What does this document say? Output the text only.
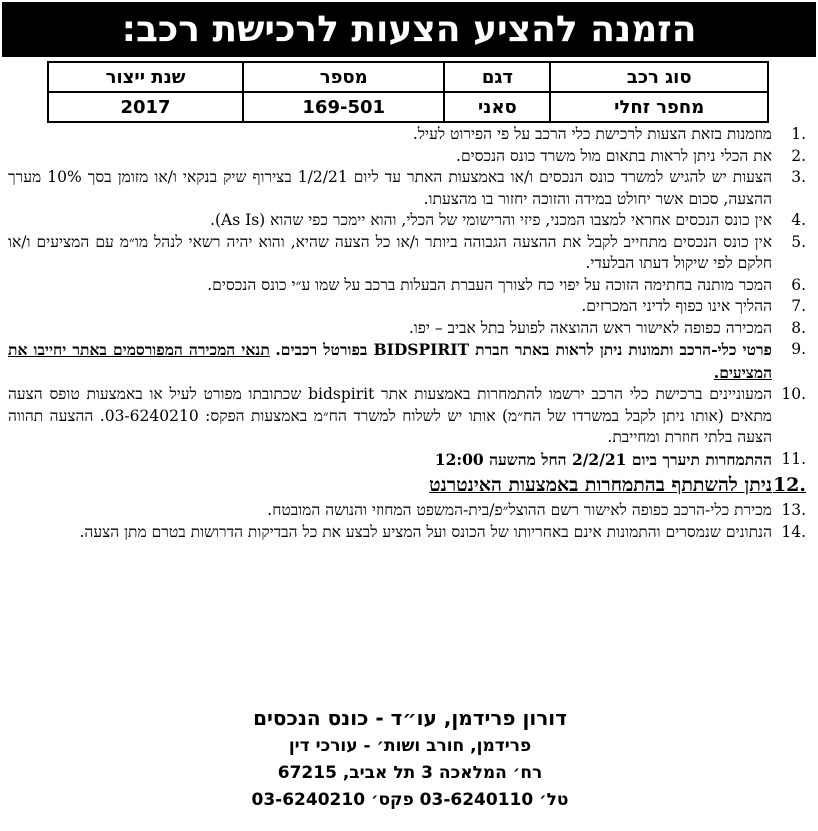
הזמנה להציע הצעות לרכישת רכב:
סוג רכב	דגם	מספר	שנת ייצור
מחפר זחלי	סאני	169-501	2017
1.
מוזמנות בזאת הצעות לרכישת כלי הרכב על פי הפירוט לעיל.
2.
את הכלי ניתן לראות בתאום מול משרד כונס הנכסים.
3.
הצעות יש להגיש למשרד כונס הנכסים ו/או באמצעות האתר עד ליום 1/2/21 בצירוף שיק בנקאי ו/או מזומן בסך 10% מערך ההצעה, סכום אשר יחולט במידה והזוכה יחזור בו מהצעתו.
4.
אין כונס הנכסים אחראי למצבו המכני, פיזי והרישומי של הכלי, והוא יימכר כפי שהוא (As Is).
5.
אין כונס הנכסים מתחייב לקבל את ההצעה הגבוהה ביותר ו/או כל הצעה שהיא, והוא יהיה רשאי לנהל מו״מ עם המציעים ו/או חלקם לפי שיקול דעתו הבלעדי.
6.
המכר מותנה בחתימה הזוכה על יפוי כח לצורך העברת הבעלות ברכב על שמו ע״י כונס הנכסים.
7.
ההליך אינו כפוף לדיני המכרזים.
8.
המכירה כפופה לאישור ראש ההוצאה לפועל בתל אביב – יפו.
9.
פרטי כלי-הרכב ותמונות ניתן לראות באתר חברת BIDSPIRIT בפורטל רכבים. תנאי המכירה המפורסמים באתר יחייבו את המציעים.
10.
המעוניינים ברכישת כלי הרכב ירשמו להתמחרות באמצעות אתר bidspirit שכתובתו מפורט לעיל או באמצעות טופס הצעה מתאים (אותו ניתן לקבל במשרדו של הח״מ) אותו יש לשלוח למשרד הח״מ באמצעות הפקס: 03-6240210. ההצעה תהווה הצעה בלתי חוזרת ומחייבת.
11.
ההתמחרות תיערך ביום 2/2/21 החל מהשעה 12:00
12.
ניתן להשתתף בהתמחרות באמצעות האינטרנט
13.
מכירת כלי-הרכב כפופה לאישור רשם ההוצל״פ/בית-המשפט המחוזי והנושה המובטח.
14.
הנתונים שנמסרים והתמונות אינם באחריותו של הכונס ועל המציע לבצע את כל הבדיקות הדרושות בטרם מתן הצעה.
דורון פרידמן, עו״ד - כונס הנכסים
פרידמן, חורב ושות׳ - עורכי דין
רח׳ המלאכה 3 תל אביב, 67215
טל׳ 03-6240110 פקס׳ 03-6240210
